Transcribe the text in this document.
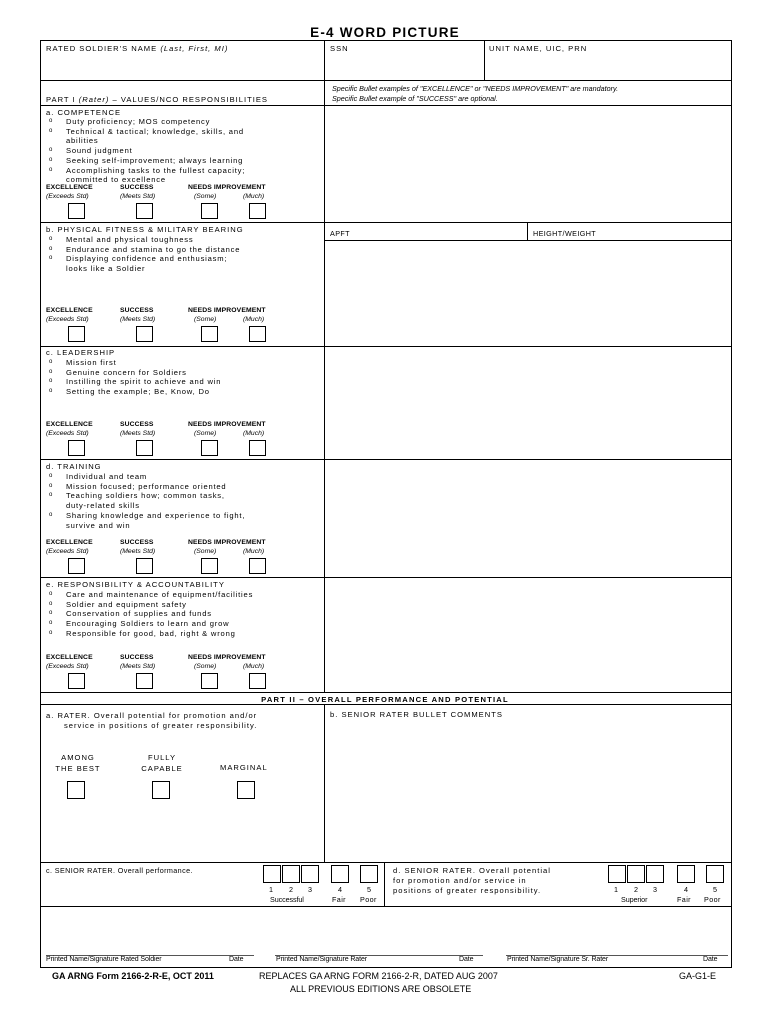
E-4 WORD PICTURE
RATED SOLDIER'S NAME (Last, First, MI)	SSN	UNIT NAME, UIC, PRN
PART I (Rater) – VALUES/NCO RESPONSIBILITIES
Specific Bullet examples of "EXCELLENCE" or "NEEDS IMPROVEMENT" are mandatory.
Specific Bullet example of "SUCCESS" are optional.
a. COMPETENCE
o Duty proficiency; MOS competency
o Technical & tactical; knowledge, skills, and
abilities
o Sound judgment
o Seeking self-improvement; always learning
o Accomplishing tasks to the fullest capacity;
committed to excellence
EXCELLENCE	SUCCESS	NEEDS IMPROVEMENT
(Exceeds Std)	(Meets Std)	(Some)	(Much)
b. PHYSICAL FITNESS & MILITARY BEARING
o Mental and physical toughness
o Endurance and stamina to go the distance
o Displaying confidence and enthusiasm;
looks like a Soldier
EXCELLENCE	SUCCESS	NEEDS IMPROVEMENT
(Exceeds Std)	(Meets Std)	(Some)	(Much)
APFT	HEIGHT/WEIGHT
c. LEADERSHIP
o Mission first
o Genuine concern for Soldiers
o Instilling the spirit to achieve and win
o Setting the example; Be, Know, Do
EXCELLENCE	SUCCESS	NEEDS IMPROVEMENT
(Exceeds Std)	(Meets Std)	(Some)	(Much)
d. TRAINING
o Individual and team
o Mission focused; performance oriented
o Teaching soldiers how; common tasks,
duty-related skills
o Sharing knowledge and experience to fight,
survive and win
EXCELLENCE	SUCCESS	NEEDS IMPROVEMENT
(Exceeds Std)	(Meets Std)	(Some)	(Much)
e. RESPONSIBILITY & ACCOUNTABILITY
o Care and maintenance of equipment/facilities
o Soldier and equipment safety
o Conservation of supplies and funds
o Encouraging Soldiers to learn and grow
o Responsible for good, bad, right & wrong
EXCELLENCE	SUCCESS	NEEDS IMPROVEMENT
(Exceeds Std)	(Meets Std)	(Some)	(Much)
PART II – OVERALL PERFORMANCE AND POTENTIAL
a. RATER. Overall potential for promotion and/or
service in positions of greater responsibility.
AMONG
THE BEST
FULLY
CAPABLE	MARGINAL
b. SENIOR RATER BULLET COMMENTS
c. SENIOR RATER. Overall performance.
1 2 3	4	5
Successful	Fair Poor
d. SENIOR RATER. Overall potential
for promotion and/or service in
positions of greater responsibility.	1 2 3	4	5
Superior	Fair Poor
Printed Name/Signature Rated Soldier	Date	Printed Name/Signature Rater	Date	Printed Name/Signature Sr. Rater	Date
GA ARNG Form 2166-2-R-E, OCT 2011	REPLACES GA ARNG FORM 2166-2-R, DATED AUG 2007
ALL PREVIOUS EDITIONS ARE OBSOLETE
GA-G1-E
